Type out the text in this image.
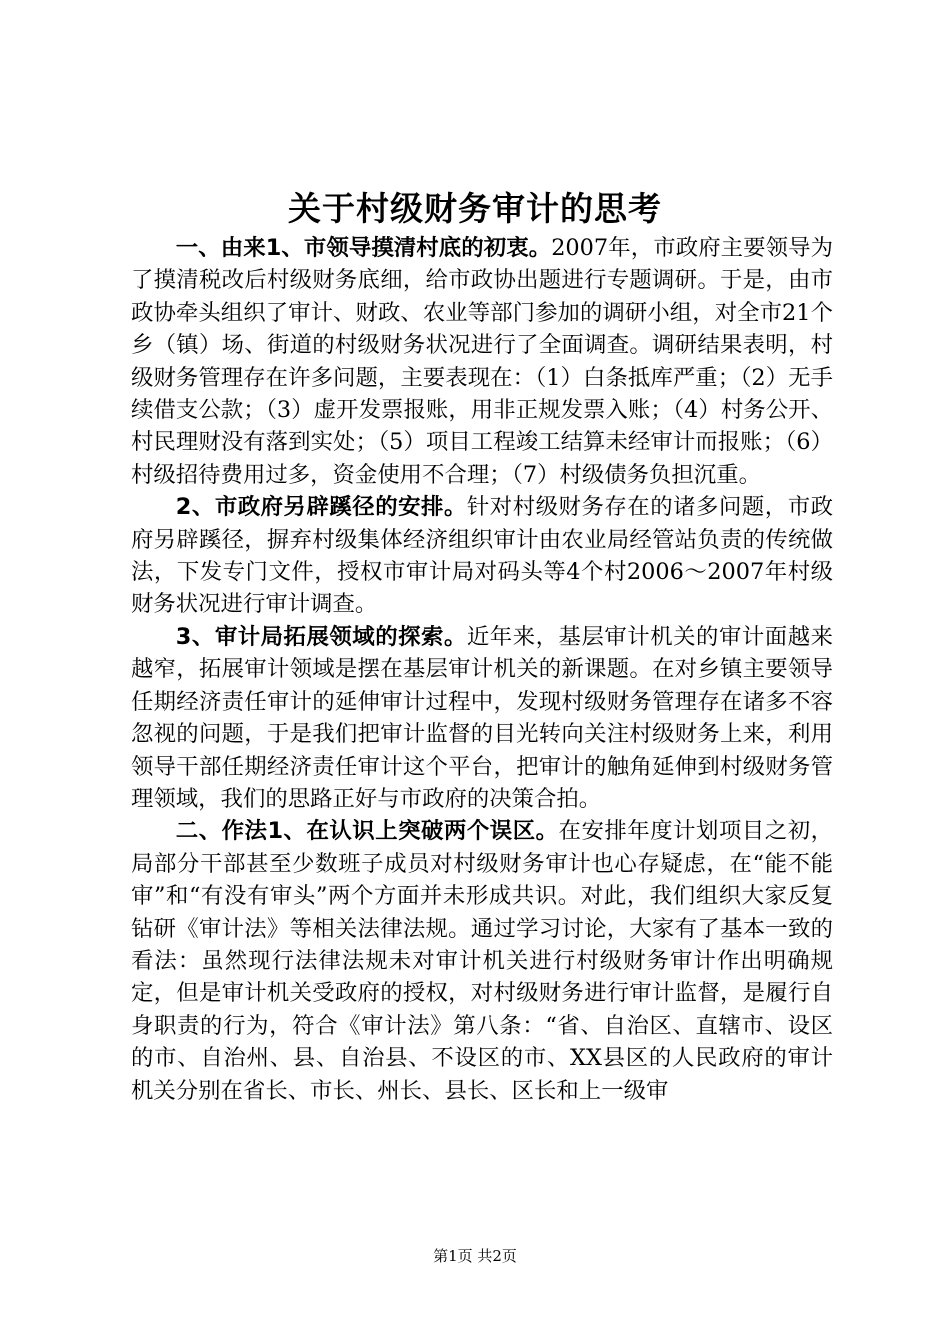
关于村级财务审计的思考

一、由来1、市领导摸清村底的初衷。2007年，市政府主要领导为了摸清税改后村级财务底细，给市政协出题进行专题调研。于是，由市政协牵头组织了审计、财政、农业等部门参加的调研小组，对全市21个乡（镇）场、街道的村级财务状况进行了全面调查。调研结果表明，村级财务管理存在许多问题，主要表现在：（1）白条抵库严重；（2）无手续借支公款；（3）虚开发票报账，用非正规发票入账；（4）村务公开、村民理财没有落到实处；（5）项目工程竣工结算未经审计而报账；（6）村级招待费用过多，资金使用不合理；（7）村级债务负担沉重。

2、市政府另辟蹊径的安排。针对村级财务存在的诸多问题，市政府另辟蹊径，摒弃村级集体经济组织审计由农业局经管站负责的传统做法，下发专门文件，授权市审计局对码头等4个村2006～2007年村级财务状况进行审计调查。

3、审计局拓展领域的探索。近年来，基层审计机关的审计面越来越窄，拓展审计领域是摆在基层审计机关的新课题。在对乡镇主要领导任期经济责任审计的延伸审计过程中，发现村级财务管理存在诸多不容忽视的问题，于是我们把审计监督的目光转向关注村级财务上来，利用领导干部任期经济责任审计这个平台，把审计的触角延伸到村级财务管理领域，我们的思路正好与市政府的决策合拍。

二、作法1、在认识上突破两个误区。在安排年度计划项目之初，局部分干部甚至少数班子成员对村级财务审计也心存疑虑，在“能不能审”和“有没有审头”两个方面并未形成共识。对此，我们组织大家反复钻研《审计法》等相关法律法规。通过学习讨论，大家有了基本一致的看法：虽然现行法律法规未对审计机关进行村级财务审计作出明确规定，但是审计机关受政府的授权，对村级财务进行审计监督，是履行自身职责的行为，符合《审计法》第八条：“省、自治区、直辖市、设区的市、自治州、县、自治县、不设区的市、XX县区的人民政府的审计机关分别在省长、市长、州长、县长、区长和上一级审

第1页 共2页
